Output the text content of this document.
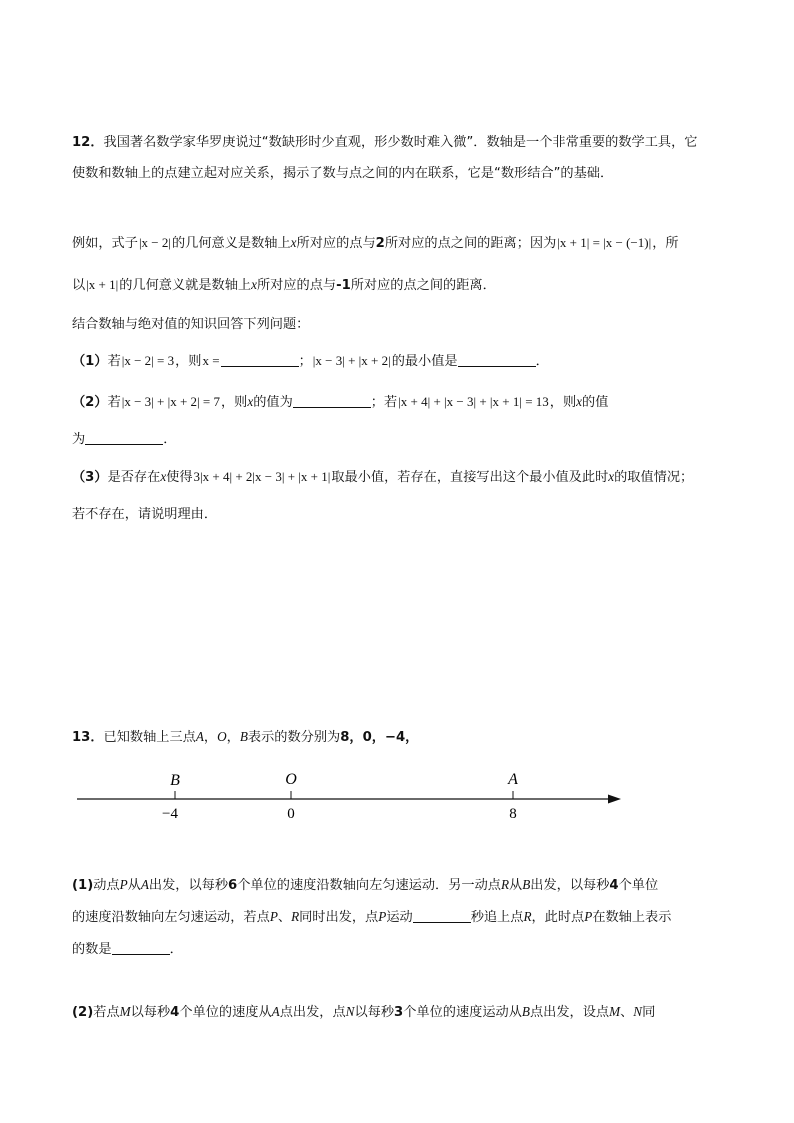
12．我国著名数学家华罗庚说过“数缺形时少直观，形少数时难入微”．数轴是一个非常重要的数学工具，它
使数和数轴上的点建立起对应关系，揭示了数与点之间的内在联系，它是“数形结合”的基础．
例如，式子|x − 2|的几何意义是数轴上x所对应的点与2所对应的点之间的距离；因为|x + 1| = |x − (−1)|，所
以|x + 1|的几何意义就是数轴上x所对应的点与-1所对应的点之间的距离．
结合数轴与绝对值的知识回答下列问题：
（1）若|x − 2| = 3，则x =	；|x − 3| + |x + 2|的最小值是	．
（2）若|x − 3| + |x + 2| = 7，则x的值为	；若|x + 4| + |x − 3| + |x + 1| = 13，则x的值
为	．
（3）是否存在x使得3|x + 4| + 2|x − 3| + |x + 1|取最小值，若存在，直接写出这个最小值及此时x的取值情况；
若不存在，请说明理由．
13．已知数轴上三点A，O，B表示的数分别为8，0，−4，
B	O	A
−4	0	8
(1)动点P从A出发，以每秒6个单位的速度沿数轴向左匀速运动．另一动点R从B出发，以每秒4个单位
的速度沿数轴向左匀速运动，若点P、R同时出发，点P运动	秒追上点R，此时点P在数轴上表示
的数是	．
(2)若点M以每秒4个单位的速度从A点出发，点N以每秒3个单位的速度运动从B点出发，设点M、N同
